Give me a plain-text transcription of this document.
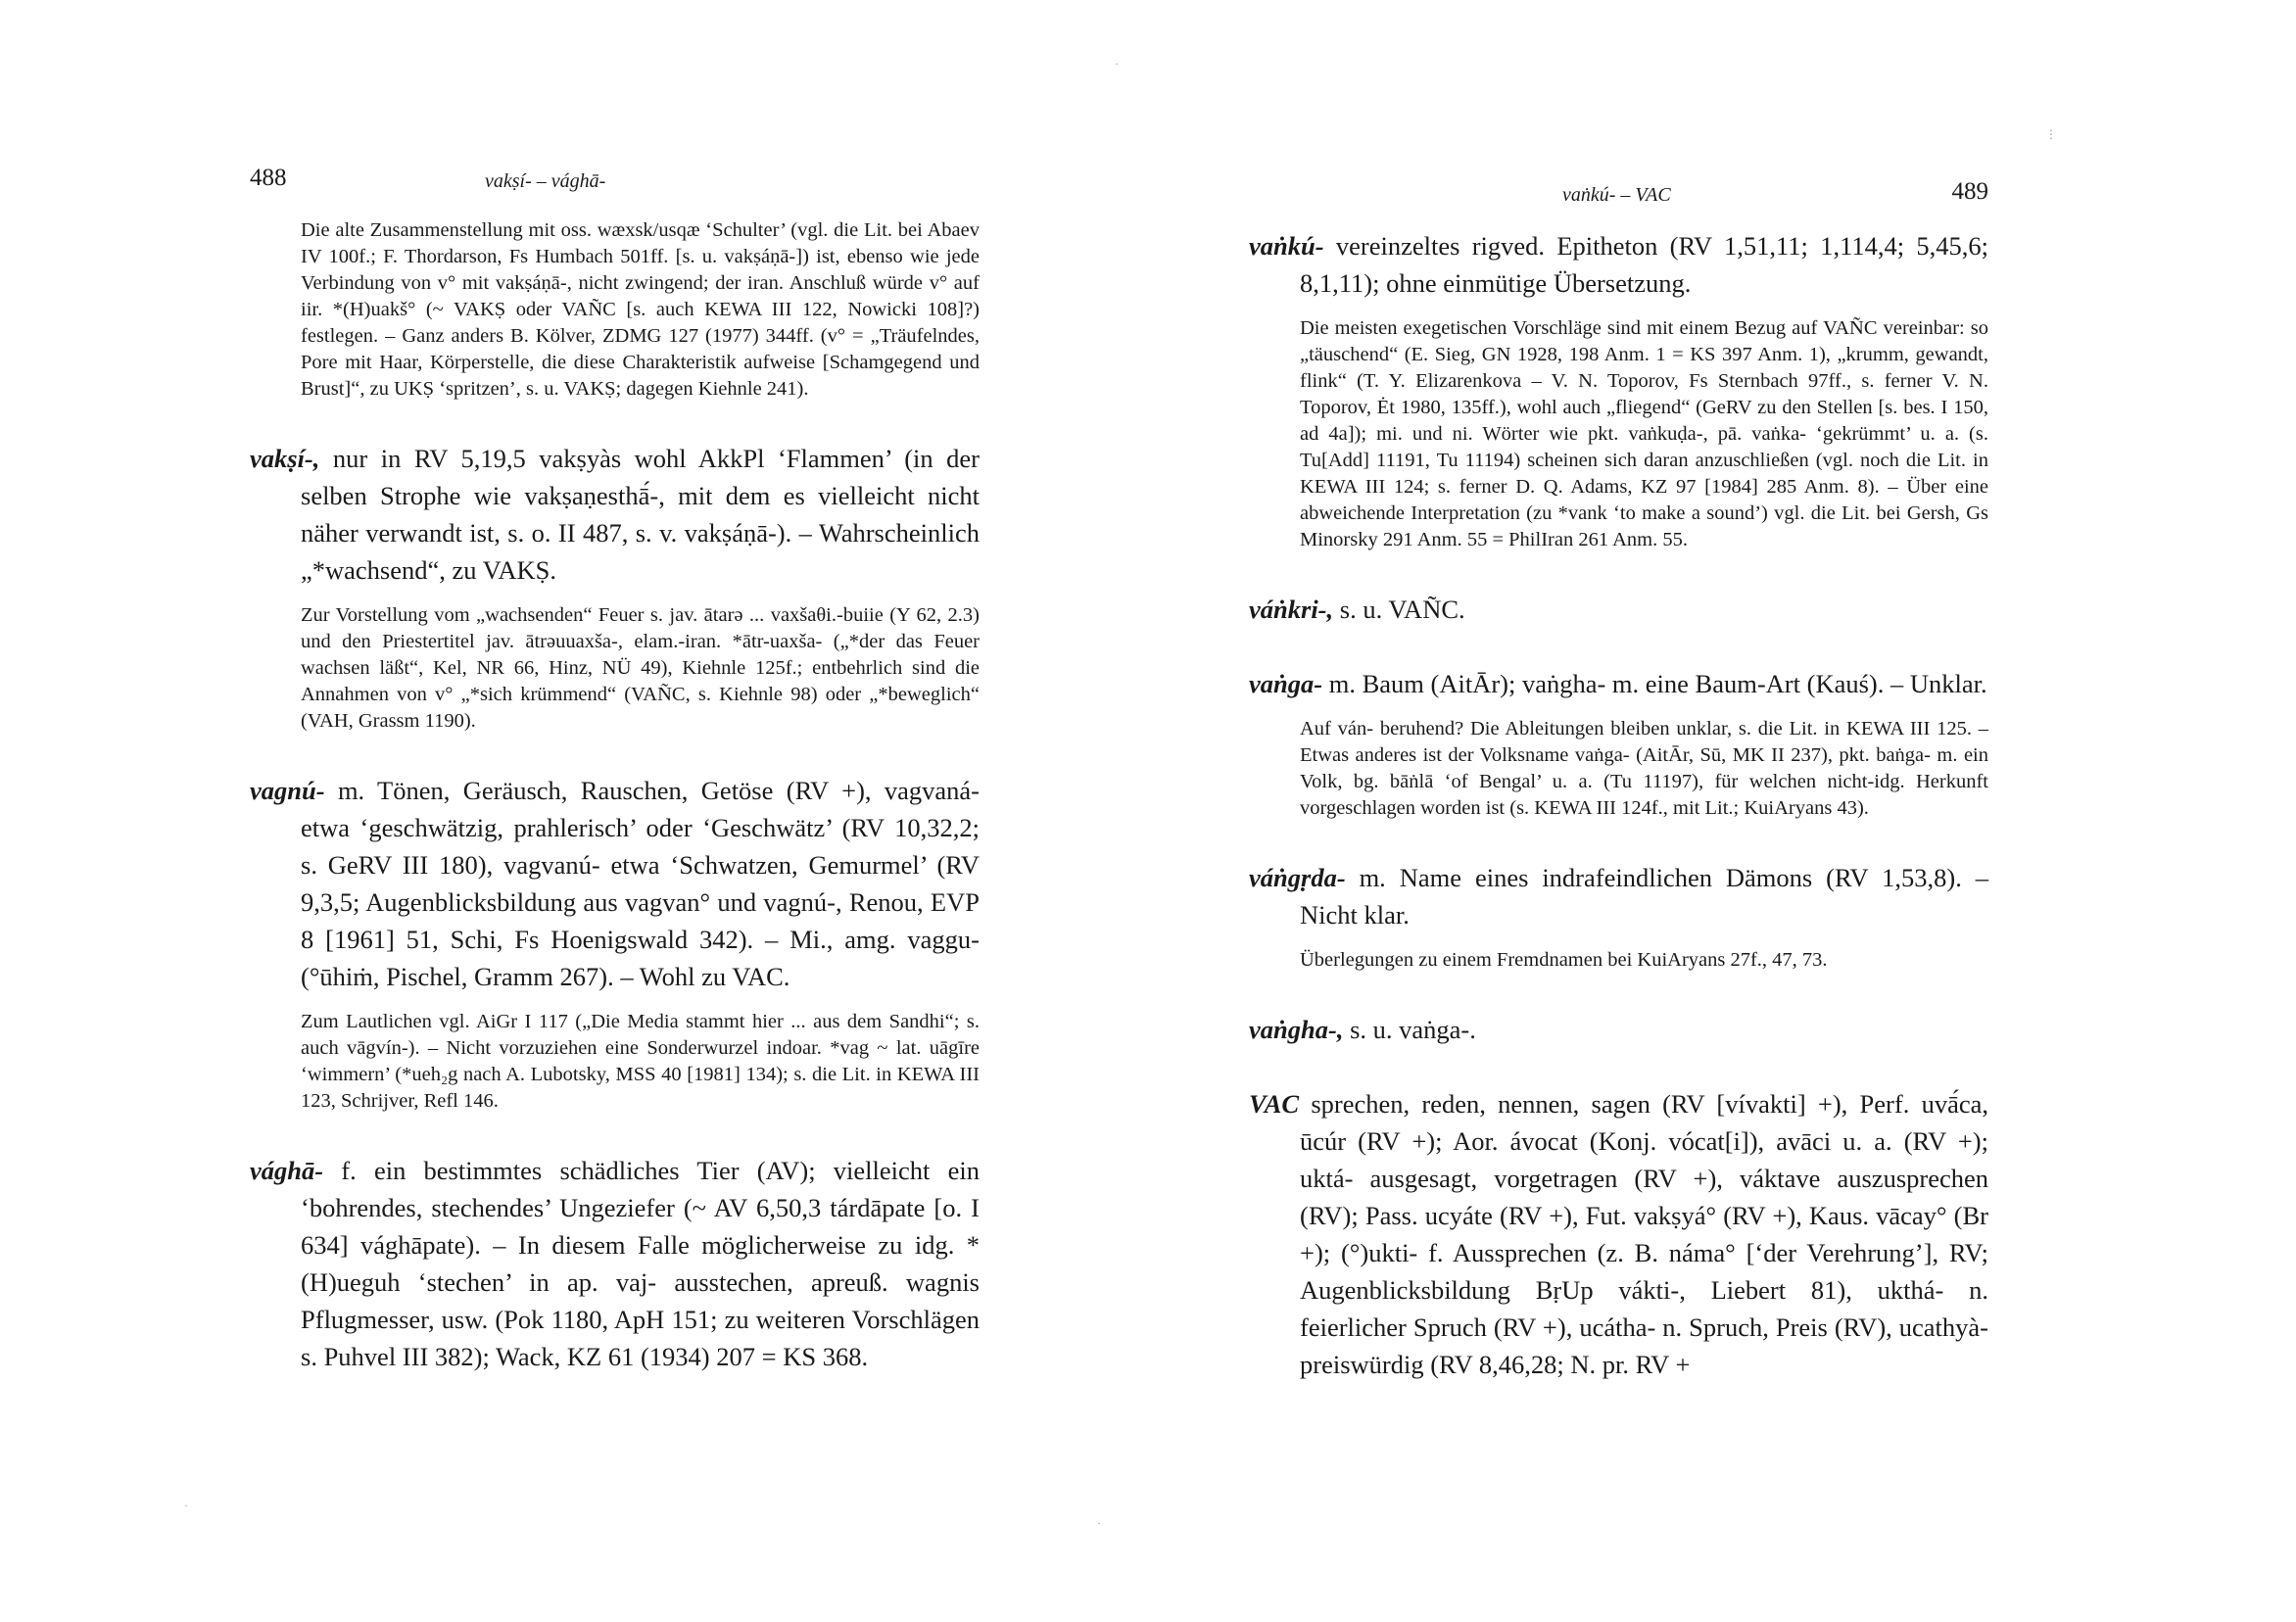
488	vakṣí- – vághā-

Die alte Zusammenstellung mit oss. wæxsk/usqæ ‘Schulter’ (vgl. die Lit. bei Abaev IV 100f.; F. Thordarson, Fs Humbach 501ff. [s. u. vakṣáṇā-]) ist, ebenso wie jede Verbindung von v° mit vakṣáṇā-, nicht zwingend; der iran. Anschluß würde v° auf iir. *(H)uakš° (~ VAKṢ oder VAÑC [s. auch KEWA III 122, Nowicki 108]?) festlegen. – Ganz anders B. Kölver, ZDMG 127 (1977) 344ff. (v° = „Träufelndes, Pore mit Haar, Körperstelle, die diese Charakteristik aufweise [Schamgegend und Brust]“, zu UKṢ ‘spritzen’, s. u. VAKṢ; dagegen Kiehnle 241).

vakṣí-, nur in RV 5,19,5 vakṣyàs wohl AkkPl ‘Flammen’ (in der selben Strophe wie vakṣaṇesthā́-, mit dem es vielleicht nicht näher verwandt ist, s. o. II 487, s. v. vakṣáṇā-). – Wahrscheinlich „*wachsend“, zu VAKṢ.

Zur Vorstellung vom „wachsenden“ Feuer s. jav. ātarə ... vaxšaθi.-buiie (Y 62, 2.3) und den Priestertitel jav. ātrəuuaxša-, elam.-iran. *ātr-uaxša- („*der das Feuer wachsen läßt“, Kel, NR 66, Hinz, NÜ 49), Kiehnle 125f.; entbehrlich sind die Annahmen von v° „*sich krümmend“ (VAÑC, s. Kiehnle 98) oder „*beweglich“ (VAH, Grassm 1190).

vagnú- m. Tönen, Geräusch, Rauschen, Getöse (RV +), vagvaná- etwa ‘geschwätzig, prahlerisch’ oder ‘Geschwätz’ (RV 10,32,2; s. GeRV III 180), vagvanú- etwa ‘Schwatzen, Gemurmel’ (RV 9,3,5; Augenblicksbildung aus vagvan° und vagnú-, Renou, EVP 8 [1961] 51, Schi, Fs Hoenigswald 342). – Mi., amg. vaggu- (°ūhiṁ, Pischel, Gramm 267). – Wohl zu VAC.

Zum Lautlichen vgl. AiGr I 117 („Die Media stammt hier ... aus dem Sandhi“; s. auch vāgvín-). – Nicht vorzuziehen eine Sonderwurzel indoar. *vag ~ lat. uāgīre ‘wimmern’ (*ueh₂g nach A. Lubotsky, MSS 40 [1981] 134); s. die Lit. in KEWA III 123, Schrijver, Refl 146.

vághā- f. ein bestimmtes schädliches Tier (AV); vielleicht ein ‘bohrendes, stechendes’ Ungeziefer (~ AV 6,50,3 tárdāpate [o. I 634] vághāpate). – In diesem Falle möglicherweise zu idg. *(H)ueguh ‘stechen’ in ap. vaj- ausstechen, apreuß. wagnis Pflugmesser, usw. (Pok 1180, ApH 151; zu weiteren Vorschlägen s. Puhvel III 382); Wack, KZ 61 (1934) 207 = KS 368.

vaṅkú- – VAC	489

vaṅkú- vereinzeltes rigved. Epitheton (RV 1,51,11; 1,114,4; 5,45,6; 8,1,11); ohne einmütige Übersetzung.

Die meisten exegetischen Vorschläge sind mit einem Bezug auf VAÑC vereinbar: so „täuschend“ (E. Sieg, GN 1928, 198 Anm. 1 = KS 397 Anm. 1), „krumm, gewandt, flink“ (T. Y. Elizarenkova – V. N. Toporov, Fs Sternbach 97ff., s. ferner V. N. Toporov, Ėt 1980, 135ff.), wohl auch „fliegend“ (GeRV zu den Stellen [s. bes. I 150, ad 4a]); mi. und ni. Wörter wie pkt. vaṅkuḍa-, pā. vaṅka- ‘gekrümmt’ u. a. (s. Tu[Add] 11191, Tu 11194) scheinen sich daran anzuschließen (vgl. noch die Lit. in KEWA III 124; s. ferner D. Q. Adams, KZ 97 [1984] 285 Anm. 8). – Über eine abweichende Interpretation (zu *vank ‘to make a sound’) vgl. die Lit. bei Gersh, Gs Minorsky 291 Anm. 55 = PhilIran 261 Anm. 55.

váṅkri-, s. u. VAÑC.

vaṅga- m. Baum (AitĀr); vaṅgha- m. eine Baum-Art (Kauś). – Unklar.

Auf ván- beruhend? Die Ableitungen bleiben unklar, s. die Lit. in KEWA III 125. – Etwas anderes ist der Volksname vaṅga- (AitĀr, Sū, MK II 237), pkt. baṅga- m. ein Volk, bg. bāṅlā ‘of Bengal’ u. a. (Tu 11197), für welchen nicht-idg. Herkunft vorgeschlagen worden ist (s. KEWA III 124f., mit Lit.; KuiAryans 43).

váṅgṛda- m. Name eines indrafeindlichen Dämons (RV 1,53,8). – Nicht klar.

Überlegungen zu einem Fremdnamen bei KuiAryans 27f., 47, 73.

vaṅgha-, s. u. vaṅga-.

VAC sprechen, reden, nennen, sagen (RV [vívakti] +), Perf. uvā́ca, ūcúr (RV +); Aor. ávocat (Konj. vócat[i]), avāci u. a. (RV +); uktá- ausgesagt, vorgetragen (RV +), váktave auszusprechen (RV); Pass. ucyáte (RV +), Fut. vakṣyá° (RV +), Kaus. vācay° (Br +); (°)ukti- f. Aussprechen (z. B. náma° [‘der Verehrung’], RV; Augenblicksbildung BṛUp vákti-, Liebert 81), ukthá- n. feierlicher Spruch (RV +), ucátha- n. Spruch, Preis (RV), ucathyà- preiswürdig (RV 8,46,28; N. pr. RV +

·
⋮
·
·
